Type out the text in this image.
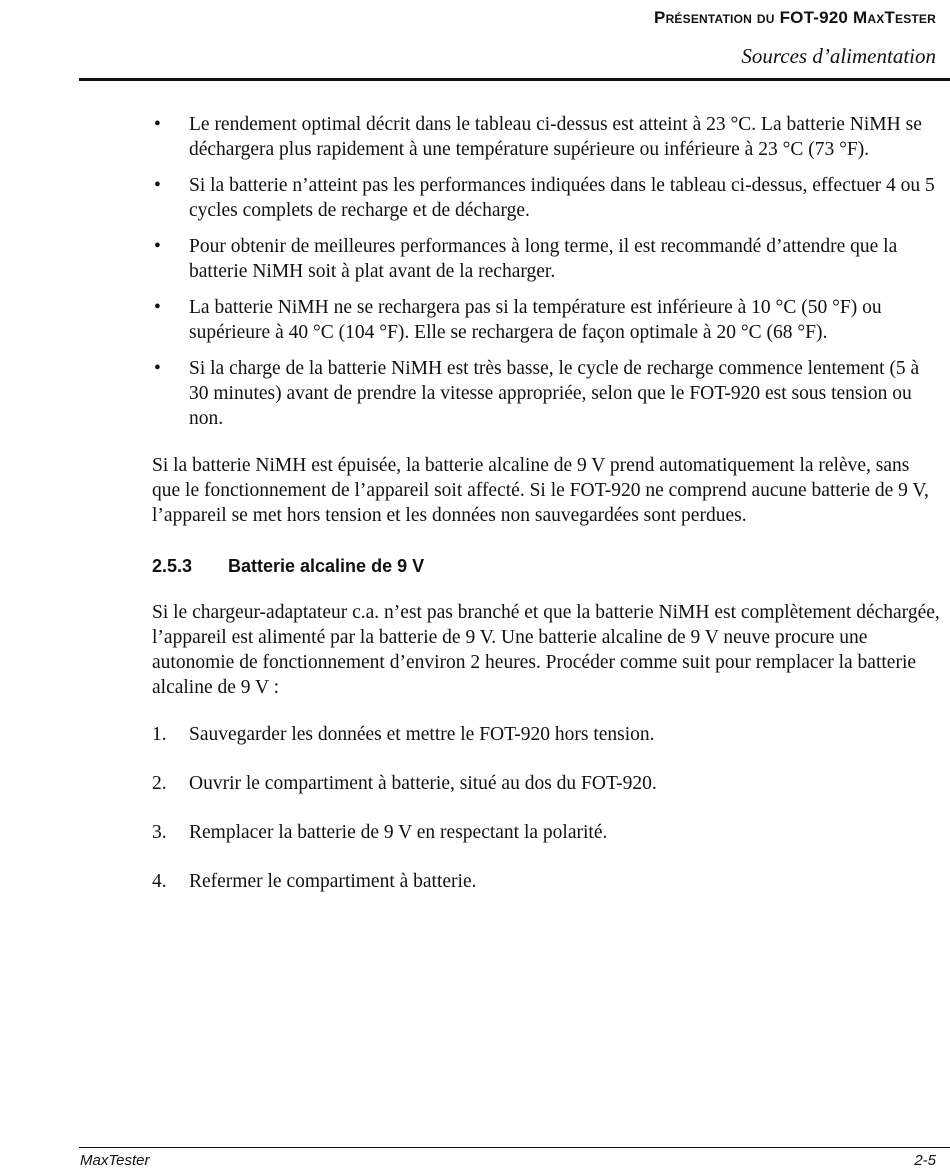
Présentation du FOT-920 MaxTester
Sources d’alimentation
• Le rendement optimal décrit dans le tableau ci-dessus est atteint à 23 °C. La batterie NiMH se déchargera plus rapidement à une température supérieure ou inférieure à 23 °C (73 °F).
• Si la batterie n’atteint pas les performances indiquées dans le tableau ci-dessus, effectuer 4 ou 5 cycles complets de recharge et de décharge.
• Pour obtenir de meilleures performances à long terme, il est recommandé d’attendre que la batterie NiMH soit à plat avant de la recharger.
• La batterie NiMH ne se rechargera pas si la température est inférieure à 10 °C (50 °F) ou supérieure à 40 °C (104 °F). Elle se rechargera de façon optimale à 20 °C (68 °F).
• Si la charge de la batterie NiMH est très basse, le cycle de recharge commence lentement (5 à 30 minutes) avant de prendre la vitesse appropriée, selon que le FOT-920 est sous tension ou non.

Si la batterie NiMH est épuisée, la batterie alcaline de 9 V prend automatiquement la relève, sans que le fonctionnement de l’appareil soit affecté. Si le FOT-920 ne comprend aucune batterie de 9 V, l’appareil se met hors tension et les données non sauvegardées sont perdues.

2.5.3 Batterie alcaline de 9 V

Si le chargeur-adaptateur c.a. n’est pas branché et que la batterie NiMH est complètement déchargée, l’appareil est alimenté par la batterie de 9 V. Une batterie alcaline de 9 V neuve procure une autonomie de fonctionnement d’environ 2 heures. Procéder comme suit pour remplacer la batterie alcaline de 9 V :

1. Sauvegarder les données et mettre le FOT-920 hors tension.
2. Ouvrir le compartiment à batterie, situé au dos du FOT-920.
3. Remplacer la batterie de 9 V en respectant la polarité.
4. Refermer le compartiment à batterie.
MaxTester	2-5
